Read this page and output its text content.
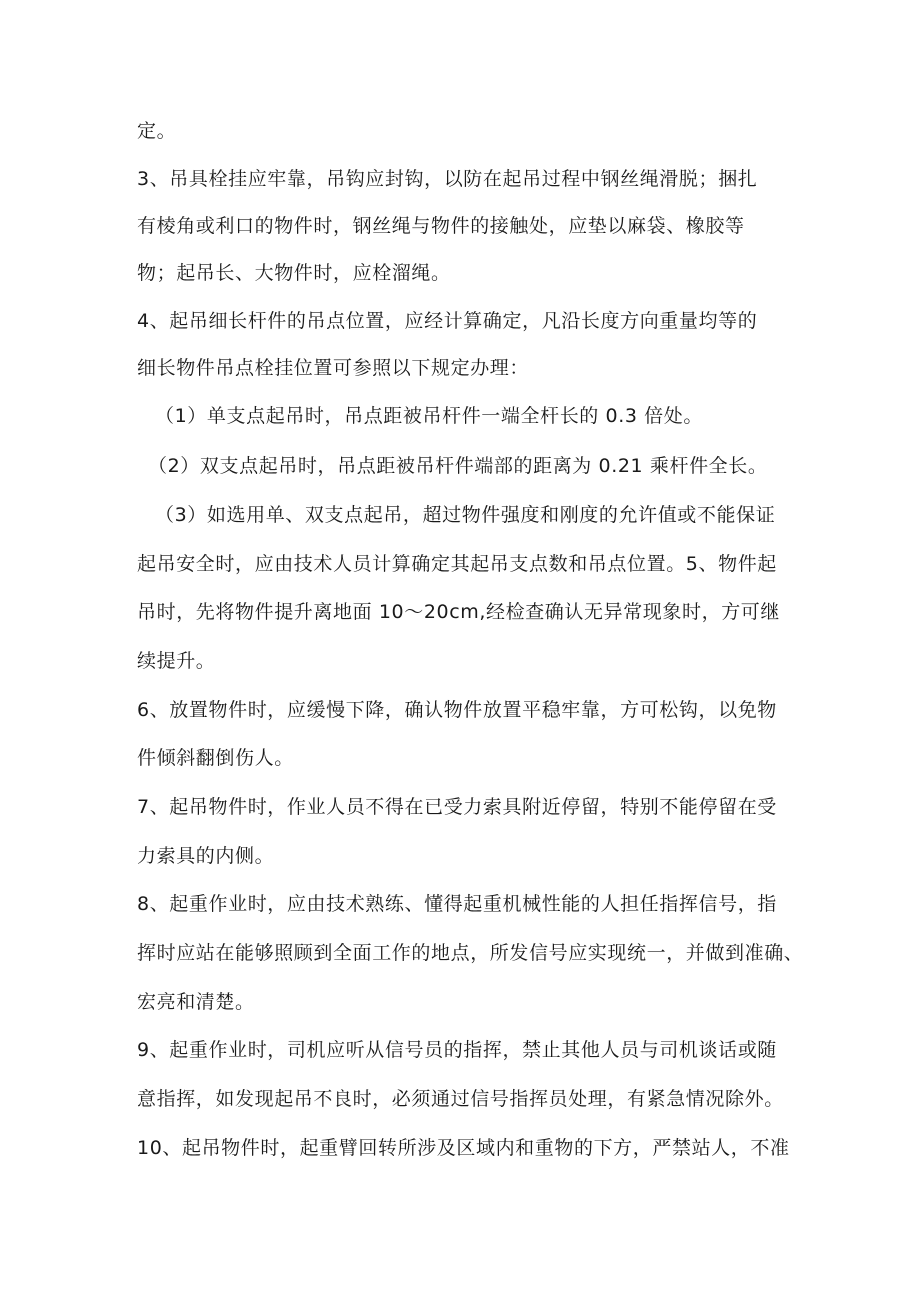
定。
3、吊具栓挂应牢靠，吊钩应封钩，以防在起吊过程中钢丝绳滑脱；捆扎
有棱角或利口的物件时，钢丝绳与物件的接触处，应垫以麻袋、橡胶等
物；起吊长、大物件时，应栓溜绳。
4、起吊细长杆件的吊点位置，应经计算确定，凡沿长度方向重量均等的
细长物件吊点栓挂位置可参照以下规定办理：
（1）单支点起吊时，吊点距被吊杆件一端全杆长的 0.3 倍处。
（2）双支点起吊时，吊点距被吊杆件端部的距离为 0.21 乘杆件全长。
（3）如选用单、双支点起吊，超过物件强度和刚度的允许值或不能保证
起吊安全时，应由技术人员计算确定其起吊支点数和吊点位置。5、物件起
吊时，先将物件提升离地面 10～20cm,经检查确认无异常现象时，方可继
续提升。
6、放置物件时，应缓慢下降，确认物件放置平稳牢靠，方可松钩，以免物
件倾斜翻倒伤人。
7、起吊物件时，作业人员不得在已受力索具附近停留，特别不能停留在受
力索具的内侧。
8、起重作业时，应由技术熟练、懂得起重机械性能的人担任指挥信号，指
挥时应站在能够照顾到全面工作的地点，所发信号应实现统一，并做到准确、
宏亮和清楚。
9、起重作业时，司机应听从信号员的指挥，禁止其他人员与司机谈话或随
意指挥，如发现起吊不良时，必须通过信号指挥员处理，有紧急情况除外。
10、起吊物件时，起重臂回转所涉及区域内和重物的下方，严禁站人，不准
